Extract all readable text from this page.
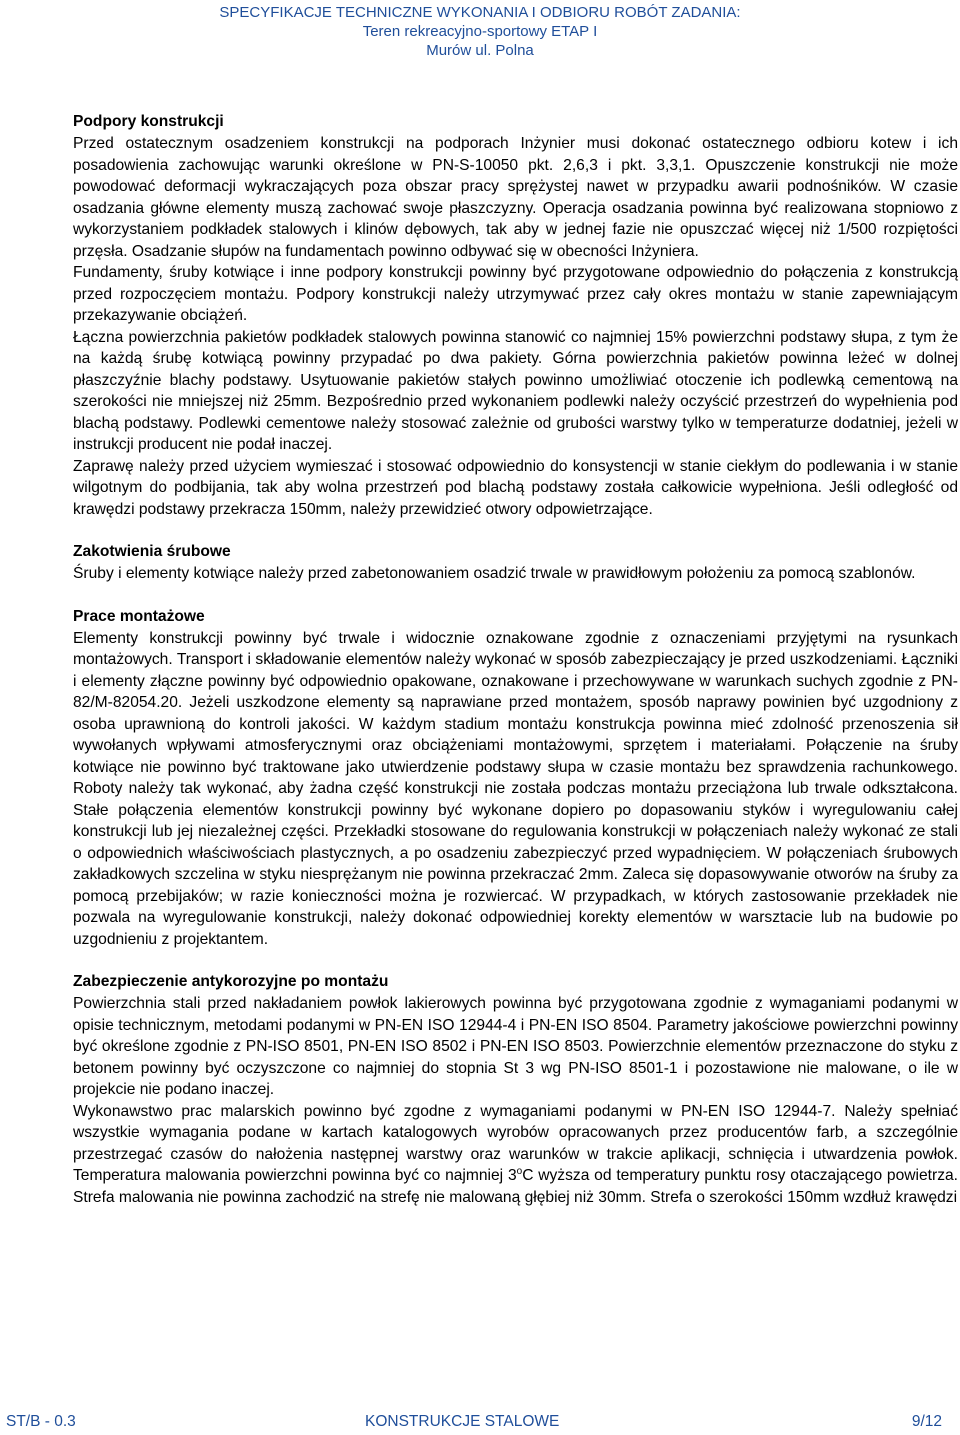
SPECYFIKACJE TECHNICZNE WYKONANIA I ODBIORU ROBÓT ZADANIA:
Teren rekreacyjno-sportowy ETAP I
Murów ul. Polna
Podpory konstrukcji

Przed ostatecznym osadzeniem konstrukcji na podporach Inżynier musi dokonać ostatecznego odbioru kotew i ich posadowienia zachowując warunki określone w PN-S-10050 pkt. 2,6,3 i pkt. 3,3,1. Opuszczenie konstrukcji nie może powodować deformacji wykraczających poza obszar pracy sprężystej nawet w przypadku awarii podnośników. W czasie osadzania główne elementy muszą zachować swoje płaszczyzny. Operacja osadzania powinna być realizowana stopniowo z wykorzystaniem podkładek stalowych i klinów dębowych, tak aby w jednej fazie nie opuszczać więcej niż 1/500 rozpiętości przęsła. Osadzanie słupów na fundamentach powinno odbywać się w obecności Inżyniera.

Fundamenty, śruby kotwiące i inne podpory konstrukcji powinny być przygotowane odpowiednio do połączenia z konstrukcją przed rozpoczęciem montażu. Podpory konstrukcji należy utrzymywać przez cały okres montażu w stanie zapewniającym przekazywanie obciążeń.

Łączna powierzchnia pakietów podkładek stalowych powinna stanowić co najmniej 15% powierzchni podstawy słupa, z tym że na każdą śrubę kotwiącą powinny przypadać po dwa pakiety. Górna powierzchnia pakietów powinna leżeć w dolnej płaszczyźnie blachy podstawy. Usytuowanie pakietów stałych powinno umożliwiać otoczenie ich podlewką cementową na szerokości nie mniejszej niż 25mm. Bezpośrednio przed wykonaniem podlewki należy oczyścić przestrzeń do wypełnienia pod blachą podstawy. Podlewki cementowe należy stosować zależnie od grubości warstwy tylko w temperaturze dodatniej, jeżeli w instrukcji producent nie podał inaczej.

Zaprawę należy przed użyciem wymieszać i stosować odpowiednio do konsystencji w stanie ciekłym do podlewania i w stanie wilgotnym do podbijania, tak aby wolna przestrzeń pod blachą podstawy została całkowicie wypełniona. Jeśli odległość od krawędzi podstawy przekracza 150mm, należy przewidzieć otwory odpowietrzające.

Zakotwienia śrubowe

Śruby i elementy kotwiące należy przed zabetonowaniem osadzić trwale w prawidłowym położeniu za pomocą szablonów.

Prace montażowe

Elementy konstrukcji powinny być trwale i widocznie oznakowane zgodnie z oznaczeniami przyjętymi na rysunkach montażowych. Transport i składowanie elementów należy wykonać w sposób zabezpieczający je przed uszkodzeniami. Łączniki i elementy złączne powinny być odpowiednio opakowane, oznakowane i przechowywane w warunkach suchych zgodnie z PN-82/M-82054.20. Jeżeli uszkodzone elementy są naprawiane przed montażem, sposób naprawy powinien być uzgodniony z osoba uprawnioną do kontroli jakości. W każdym stadium montażu konstrukcja powinna mieć zdolność przenoszenia sił wywołanych wpływami atmosferycznymi oraz obciążeniami montażowymi, sprzętem i materiałami. Połączenie na śruby kotwiące nie powinno być traktowane jako utwierdzenie podstawy słupa w czasie montażu bez sprawdzenia rachunkowego. Roboty należy tak wykonać, aby żadna część konstrukcji nie została podczas montażu przeciążona lub trwale odkształcona. Stałe połączenia elementów konstrukcji powinny być wykonane dopiero po dopasowaniu styków i wyregulowaniu całej konstrukcji lub jej niezależnej części. Przekładki stosowane do regulowania konstrukcji w połączeniach należy wykonać ze stali o odpowiednich właściwościach plastycznych, a po osadzeniu zabezpieczyć przed wypadnięciem. W połączeniach śrubowych zakładkowych szczelina w styku niesprężanym nie powinna przekraczać 2mm. Zaleca się dopasowywanie otworów na śruby za pomocą przebijaków; w razie konieczności można je rozwiercać. W przypadkach, w których zastosowanie przekładek nie pozwala na wyregulowanie konstrukcji, należy dokonać odpowiedniej korekty elementów w warsztacie lub na budowie po uzgodnieniu z projektantem.

Zabezpieczenie antykorozyjne po montażu

Powierzchnia stali przed nakładaniem powłok lakierowych powinna być przygotowana zgodnie z wymaganiami podanymi w opisie technicznym, metodami podanymi w PN-EN ISO 12944-4 i PN-EN ISO 8504. Parametry jakościowe powierzchni powinny być określone zgodnie z PN-ISO 8501, PN-EN ISO 8502 i PN-EN ISO 8503. Powierzchnie elementów przeznaczone do styku z betonem powinny być oczyszczone co najmniej do stopnia St 3 wg PN-ISO 8501-1 i pozostawione nie malowane, o ile w projekcie nie podano inaczej.

Wykonawstwo prac malarskich powinno być zgodne z wymaganiami podanymi w PN-EN ISO 12944-7. Należy spełniać wszystkie wymagania podane w kartach katalogowych wyrobów opracowanych przez producentów farb, a szczególnie przestrzegać czasów do nałożenia następnej warstwy oraz warunków w trakcie aplikacji, schnięcia i utwardzenia powłok. Temperatura malowania powierzchni powinna być co najmniej 3$^o$C wyższa od temperatury punktu rosy otaczającego powietrza. Strefa malowania nie powinna zachodzić na strefę nie malowaną głębiej niż 30mm. Strefa o szerokości 150mm wzdłuż krawędzi

ST/B - 0.3	KONSTRUKCJE STALOWE	9/12
